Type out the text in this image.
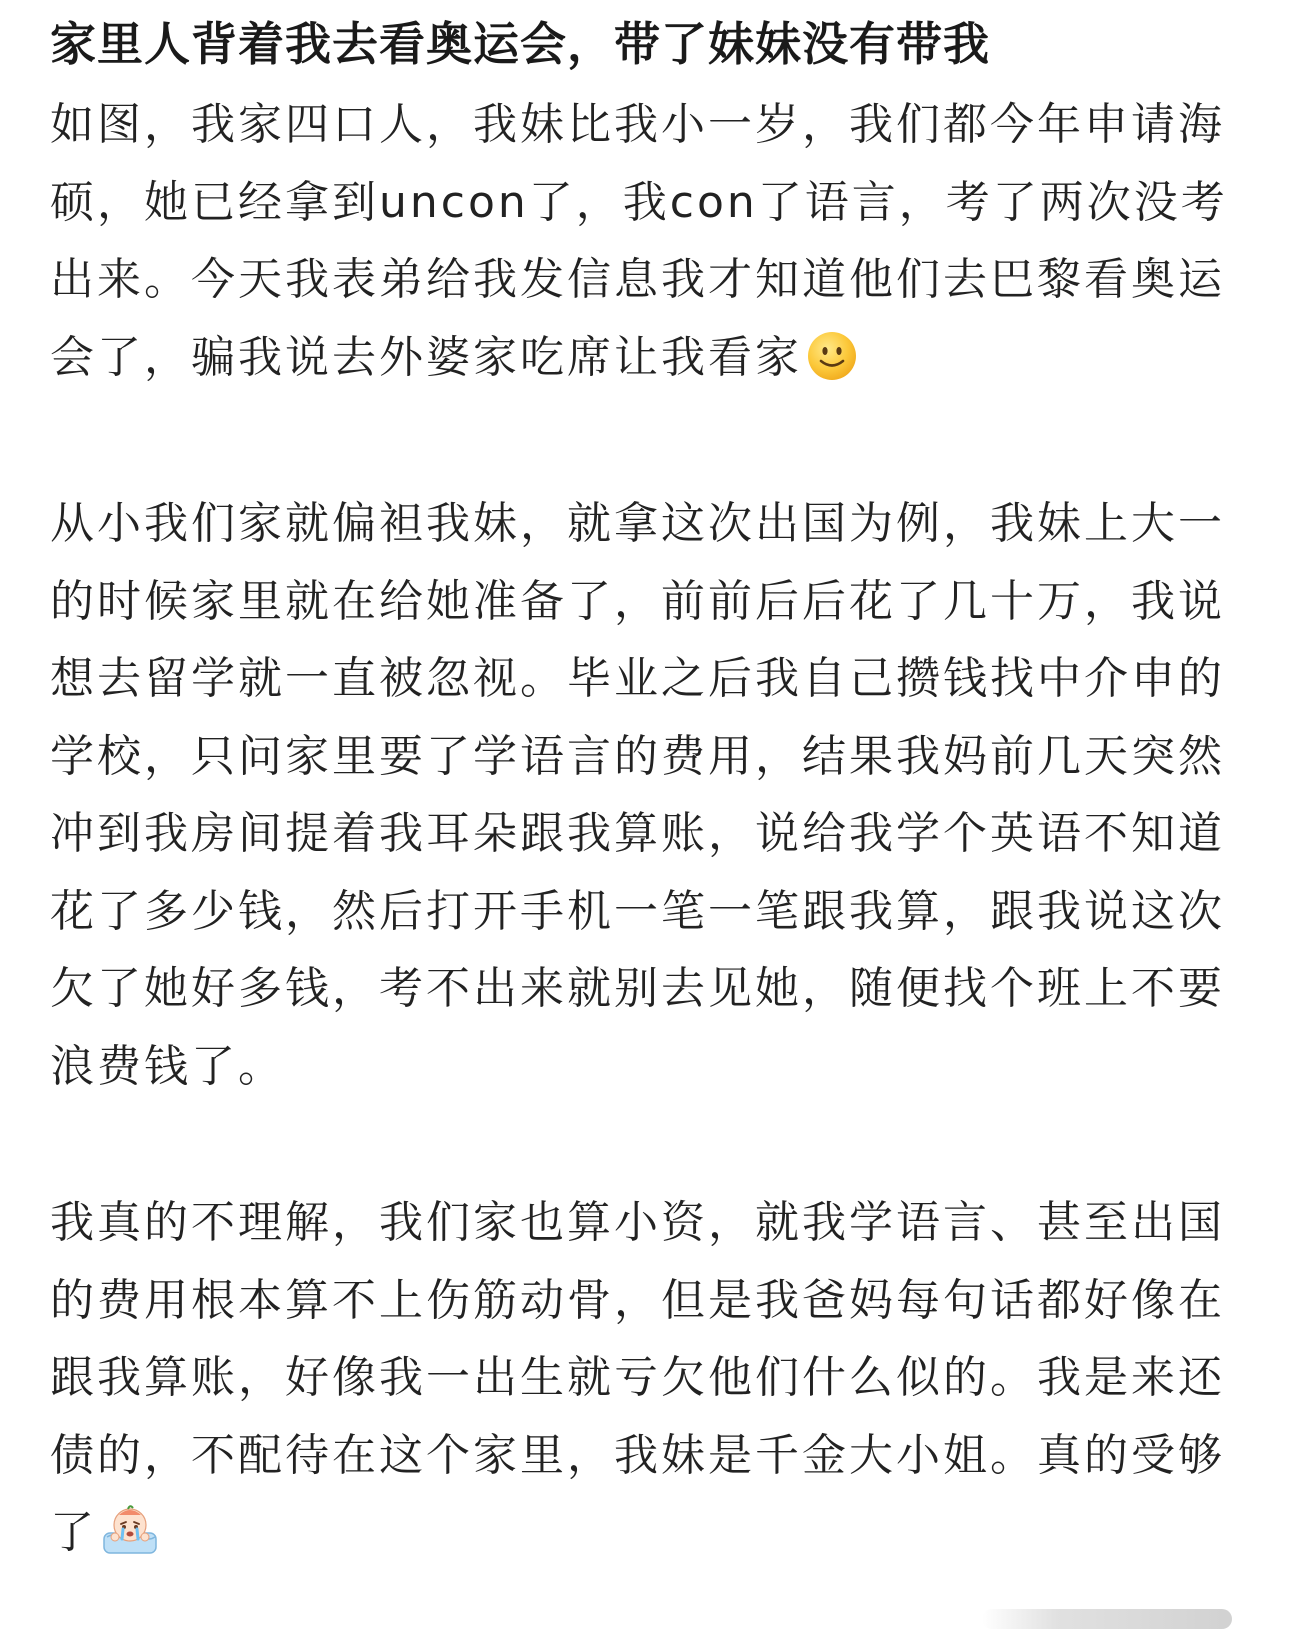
家里人背着我去看奥运会，带了妹妹没有带我

如图，我家四口人，我妹比我小一岁，我们都今年申请海硕，她已经拿到uncon了，我con了语言，考了两次没考出来。今天我表弟给我发信息我才知道他们去巴黎看奥运会了，骗我说去外婆家吃席让我看家

从小我们家就偏袒我妹，就拿这次出国为例，我妹上大一的时候家里就在给她准备了，前前后后花了几十万，我说想去留学就一直被忽视。毕业之后我自己攒钱找中介申的学校，只问家里要了学语言的费用，结果我妈前几天突然冲到我房间提着我耳朵跟我算账，说给我学个英语不知道花了多少钱，然后打开手机一笔一笔跟我算，跟我说这次欠了她好多钱，考不出来就别去见她，随便找个班上不要浪费钱了。

我真的不理解，我们家也算小资，就我学语言、甚至出国的费用根本算不上伤筋动骨，但是我爸妈每句话都好像在跟我算账，好像我一出生就亏欠他们什么似的。我是来还债的，不配待在这个家里，我妹是千金大小姐。真的受够了
